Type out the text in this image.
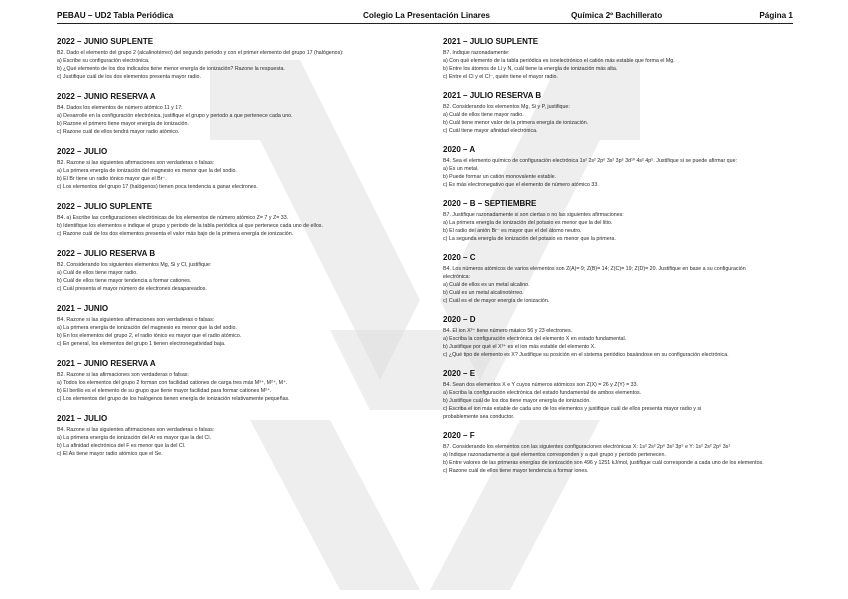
PEBAU – UD2 Tabla Periódica	Colegio La Presentación Linares	Química 2º Bachillerato	Página 1
2022 – JUNIO SUPLENTE
B2. Dado el elemento del grupo 2 (alcalinotérreo) del segundo periodo y con el primer elemento del grupo 17 (halógenos):
a) Escribe su configuración electrónica.
b) ¿Qué elemento de los dos indicados tiene menor energía de ionización? Razone la respuesta.
c) Justifique cuál de los dos elementos presenta mayor radio.
2022 – JUNIO RESERVA A
B4. Dados los elementos de número atómico 11 y 17:
a) Desarrolle en la configuración electrónica, justifique el grupo y periodo a que pertenece cada uno.
b) Razone el primero tiene mayor energía de ionización.
c) Razone cuál de ellos tendrá mayor radio atómico.
2022 – JULIO
B2. Razone si las siguientes afirmaciones son verdaderas o falsas:
a) La primera energía de ionización del magnesio es menor que la del sodio.
b) El Br tiene un radio iónico mayor que el Br⁻.
c) Los elementos del grupo 17 (halógenos) tienen poca tendencia a ganar electrones.
2022 – JULIO SUPLENTE
B4. a) Escribe las configuraciones electrónicas de los elementos de número atómico Z= 7 y Z= 33.
b) Identifique los elementos e indique el grupo y periodo de la tabla periódica al que pertenece cada uno de ellos.
c) Razone cuál de los dos elementos presenta el valor más bajo de la primera energía de ionización.
2022 – JULIO RESERVA B
B2. Considerando los siguientes elementos Mg, Si y Cl, justifique:
a) Cuál de ellos tiene mayor radio.
b) Cuál de ellos tiene mayor tendencia a formar cationes.
c) Cuál presenta el mayor número de electrones desapareados.
2021 – JUNIO
B4. Razone si las siguientes afirmaciones son verdaderas o falsas:
a) La primera energía de ionización del magnesio es menor que la del sodio.
b) En los elementos del grupo 2, el radio iónico es mayor que el radio atómico.
c) En general, los elementos del grupo 1 tienen electronegatividad baja.
2021 – JUNIO RESERVA A
B2. Razone si las afirmaciones son verdaderas o falsas:
a) Todos los elementos del grupo 2 forman con facilidad cationes de carga tres más M³⁺, M²⁺, M⁺.
b) El berilio es el elemento de su grupo que tiene mayor facilidad para formar cationes M²⁺.
c) Los elementos del grupo de los halógenos tienen energía de ionización relativamente pequeñas.
2021 – JULIO
B4. Razone si las siguientes afirmaciones son verdaderas o falsas:
a) La primera energía de ionización del Ar es mayor que la del Cl.
b) La afinidad electrónica del F es menor que la del Cl.
c) El As tiene mayor radio atómico que el Se.
2021 – JULIO SUPLENTE
B7. Indique razonadamente:
a) Con qué elemento de la tabla periódica es isoelectrónico el catión más estable que forma el Mg.
b) Entre los átomos de Li y N, cuál tiene la energía de ionización más alta.
c) Entre el Cl y el Cl⁻, quién tiene el mayor radio.
2021 – JULIO RESERVA B
B2. Considerando los elementos Mg, Si y P, justifique:
a) Cuál de ellos tiene mayor radio.
b) Cuál tiene menor valor de la primera energía de ionización.
c) Cuál tiene mayor afinidad electrónica.
2020 – A
B4. Sea el elemento químico de configuración electrónica 1s² 2s² 2p⁶ 3s² 3p⁶ 3d¹⁰ 4s² 4p⁵. Justifique si se puede afirmar que:
a) Es un metal.
b) Puede formar un catión monovalente estable.
c) Es más electronegativo que el elemento de número atómico 33.
2020 – B – SEPTIEMBRE
B7. Justifique razonadamente si son ciertas o no las siguientes afirmaciones:
a) La primera energía de ionización del potasio es menor que la del litio.
b) El radio del anión Br⁻ es mayor que el del átomo neutro.
c) La segunda energía de ionización del potasio es menor que la primera.
2020 – C
B4. Los números atómicos de varios elementos son Z(A)= 9; Z(B)= 14; Z(C)= 19; Z(D)= 20. Justifique en base a su configuración
electrónica:
a) Cuál de ellos es un metal alcalino.
b) Cuál es un metal alcalinotérreo.
c) Cuál es el de mayor energía de ionización.
2020 – D
B4. El ion X³⁺ tiene número másico 56 y 23 electrones.
a) Escriba la configuración electrónica del elemento X en estado fundamental.
b) Justifique por qué el X³⁺ es el ion más estable del elemento X.
c) ¿Qué tipo de elemento es X? Justifique su posición en el sistema periódico basándose en su configuración electrónica.
2020 – E
B4. Sean dos elementos X e Y cuyos números atómicos son Z(X) = 26 y Z(Y) = 33.
a) Escriba la configuración electrónica del estado fundamental de ambos elementos.
b) Justifique cuál de los dos tiene mayor energía de ionización.
c) Escriba el ion más estable de cada uno de los elementos y justifique cuál de ellos presenta mayor radio y si
probablemente sea conductor.
2020 – F
B7. Considerando los elementos con las siguientes configuraciones electrónicas X: 1s² 2s² 2p⁶ 3s² 3p⁵ e Y: 1s² 2s² 2p⁶ 3s¹
a) Indique razonadamente a qué elementos corresponden y a qué grupo y periodo pertenecen.
b) Entre valores de las primeras energías de ionización son 496 y 1251 kJ/mol, justifique cuál corresponde a cada uno de los elementos.
c) Razone cuál de ellos tiene mayor tendencia a formar iones.
